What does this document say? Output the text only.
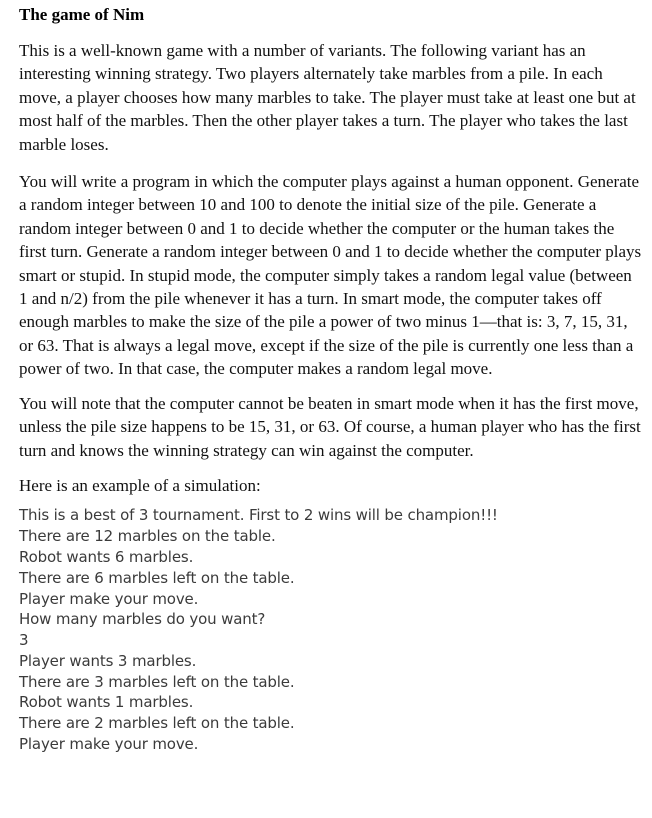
The game of Nim

This is a well-known game with a number of variants. The following variant has an interesting winning strategy. Two players alternately take marbles from a pile. In each move, a player chooses how many marbles to take. The player must take at least one but at most half of the marbles. Then the other player takes a turn. The player who takes the last marble loses.

You will write a program in which the computer plays against a human opponent. Generate a random integer between 10 and 100 to denote the initial size of the pile. Generate a random integer between 0 and 1 to decide whether the computer or the human takes the first turn. Generate a random integer between 0 and 1 to decide whether the computer plays smart or stupid. In stupid mode, the computer simply takes a random legal value (between 1 and n/2) from the pile whenever it has a turn. In smart mode, the computer takes off enough marbles to make the size of the pile a power of two minus 1—that is: 3, 7, 15, 31, or 63. That is always a legal move, except if the size of the pile is currently one less than a power of two. In that case, the computer makes a random legal move.

You will note that the computer cannot be beaten in smart mode when it has the first move, unless the pile size happens to be 15, 31, or 63. Of course, a human player who has the first turn and knows the winning strategy can win against the computer.

Here is an example of a simulation:

This is a best of 3 tournament. First to 2 wins will be champion!!!
There are 12 marbles on the table.
Robot wants 6 marbles.
There are 6 marbles left on the table.
Player make your move.
How many marbles do you want?
3
Player wants 3 marbles.
There are 3 marbles left on the table.
Robot wants 1 marbles.
There are 2 marbles left on the table.
Player make your move.
